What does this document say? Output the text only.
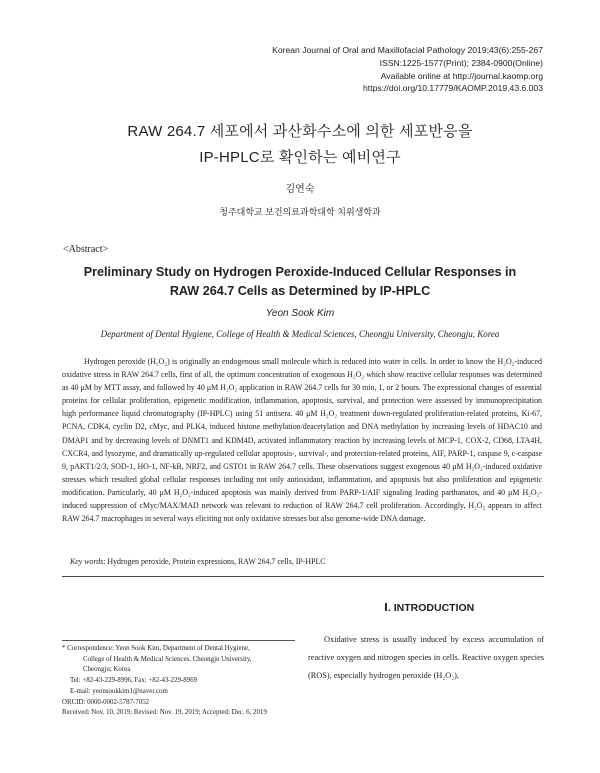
Korean Journal of Oral and Maxillofacial Pathology 2019;43(6):255-267
ISSN:1225-1577(Print); 2384-0900(Online)
Available online at http://journal.kaomp.org
https://doi.org/10.17779/KAOMP.2019.43.6.003
RAW 264.7 세포에서 과산화수소에 의한 세포반응을
IP-HPLC로 확인하는 예비연구
김연숙
청주대학교 보건의료과학대학 치위생학과
<Abstract>
Preliminary Study on Hydrogen Peroxide-Induced Cellular Responses in
RAW 264.7 Cells as Determined by IP-HPLC
Yeon Sook Kim
Department of Dental Hygiene, College of Health & Medical Sciences, Cheongju University, Cheongju, Korea

Hydrogen peroxide (H₂O₂) is originally an endogenous small molecule which is reduced into water in cells. In order to know the H₂O₂-induced oxidative stress in RAW 264.7 cells, first of all, the optimum concentration of exogenous H₂O₂ which show reactive cellular responses was determined as 40 μM by MTT assay, and followed by 40 μM H₂O₂ application in RAW 264.7 cells for 30 min, 1, or 2 hours. The expressional changes of essential proteins for cellular proliferation, epigenetic modification, inflammation, apoptosis, survival, and protection were assessed by immunoprecipitation high performance liquid chromatography (IP-HPLC) using 51 antisera. 40 μM H₂O₂ treatment down-regulated proliferation-related proteins, Ki-67, PCNA, CDK4, cyclin D2, cMyc, and PLK4, induced histone methylation/deacetylation and DNA methylation by increasing levels of HDAC10 and DMAP1 and by decreasing levels of DNMT1 and KDM4D, activated inflammatory reaction by increasing levels of MCP-1, COX-2, CD68, LTA4H, CXCR4, and lysozyme, and dramatically up-regulated cellular apoptosis-, survival-, and protection-related proteins, AIF, PARP-1, caspase 9, c-caspase 9, pAKT1/2/3, SOD-1, HO-1, NF-kB, NRF2, and GSTO1 in RAW 264.7 cells. These observations suggest exogenous 40 μM H₂O₂-induced oxidative stresses which resulted global cellular responses including not only antioxidant, inflammation, and apoptosis but also proliferation and epigenetic modification. Particularly, 40 μM H₂O₂-induced apoptosis was mainly derived from PARP-1/AIF signaling leading parthanatos, and 40 μM H₂O₂-induced suppression of cMyc/MAX/MAD network was relevant to reduction of RAW 264.7 cell proliferation. Accordingly, H₂O₂ appears to affect RAW 264.7 macrophages in several ways eliciting not only oxidative stresses but also genome-wide DNA damage.

Key words: Hydrogen peroxide, Protein expressions, RAW 264.7 cells, IP-HPLC
Ⅰ. INTRODUCTION

Oxidative stress is usually induced by excess accumulation of reactive oxygen and nitrogen species in cells. Reactive oxygen species (ROS), especially hydrogen peroxide (H₂O₂),

* Correspondence: Yeon Sook Kim, Department of Dental Hygiene,
College of Health & Medical Sciences, Cheongju University,
Cheongju; Korea
Tel: +82-43-229-8996, Fax: +82-43-229-8969
E-mail: yeonsookkim1@naver.com
ORCID: 0000-0002-5787-7052
Received: Nov. 10, 2019; Revised: Nov. 19, 2019; Accepted: Dec. 6, 2019
